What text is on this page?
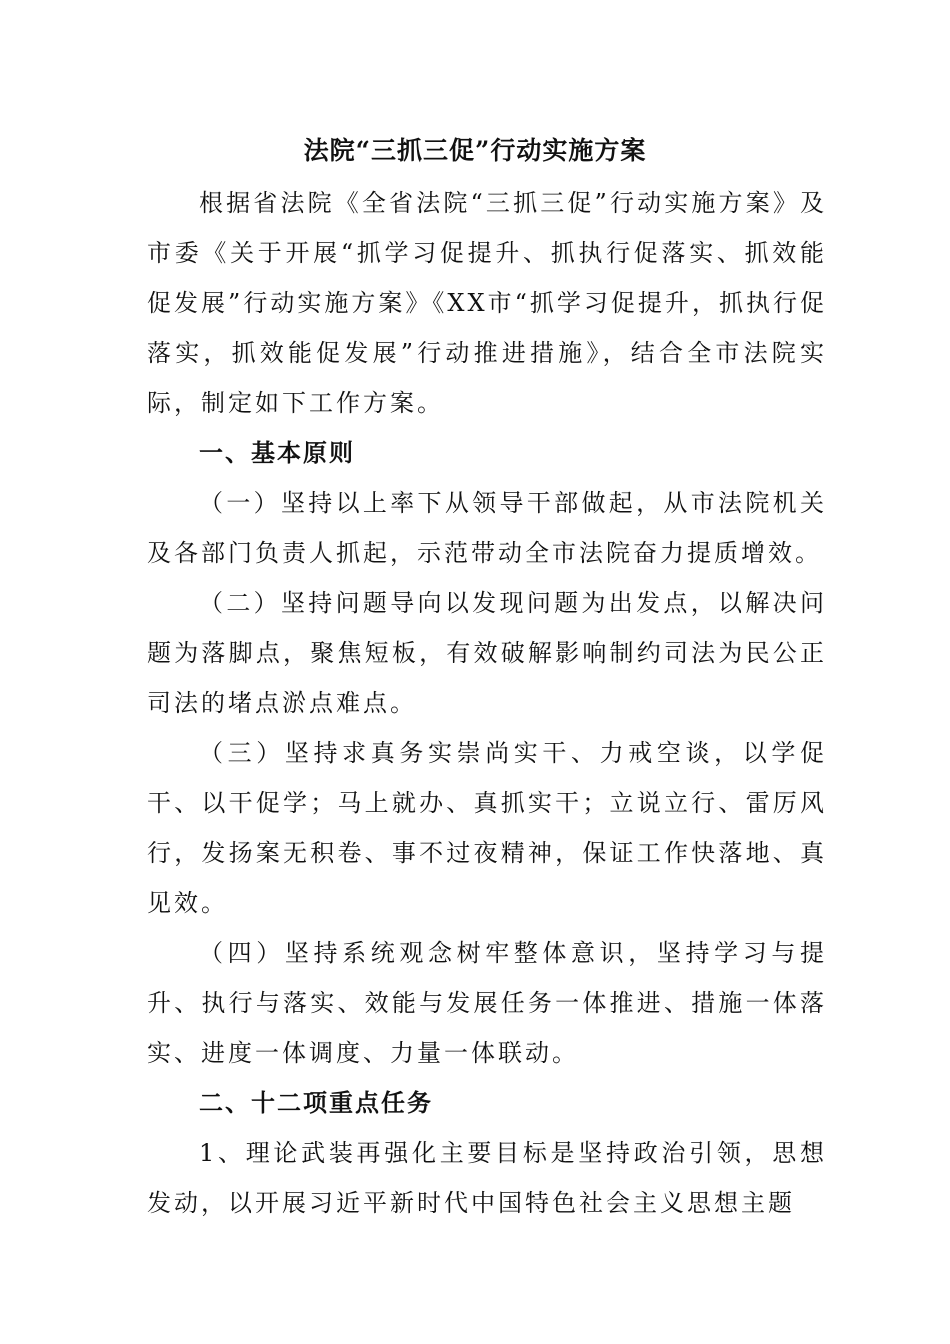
法院“三抓三促”行动实施方案

根据省法院《全省法院“三抓三促”行动实施方案》及市委《关于开展“抓学习促提升、抓执行促落实、抓效能促发展”行动实施方案》《XX市“抓学习促提升，抓执行促落实，抓效能促发展”行动推进措施》，结合全市法院实际，制定如下工作方案。

一、基本原则

（一）坚持以上率下从领导干部做起，从市法院机关及各部门负责人抓起，示范带动全市法院奋力提质增效。

（二）坚持问题导向以发现问题为出发点，以解决问题为落脚点，聚焦短板，有效破解影响制约司法为民公正司法的堵点淤点难点。

（三）坚持求真务实崇尚实干、力戒空谈，以学促干、以干促学；马上就办、真抓实干；立说立行、雷厉风行，发扬案无积卷、事不过夜精神，保证工作快落地、真见效。

（四）坚持系统观念树牢整体意识，坚持学习与提升、执行与落实、效能与发展任务一体推进、措施一体落实、进度一体调度、力量一体联动。

二、十二项重点任务

1、理论武装再强化主要目标是坚持政治引领，思想发动，以开展习近平新时代中国特色社会主义思想主题
